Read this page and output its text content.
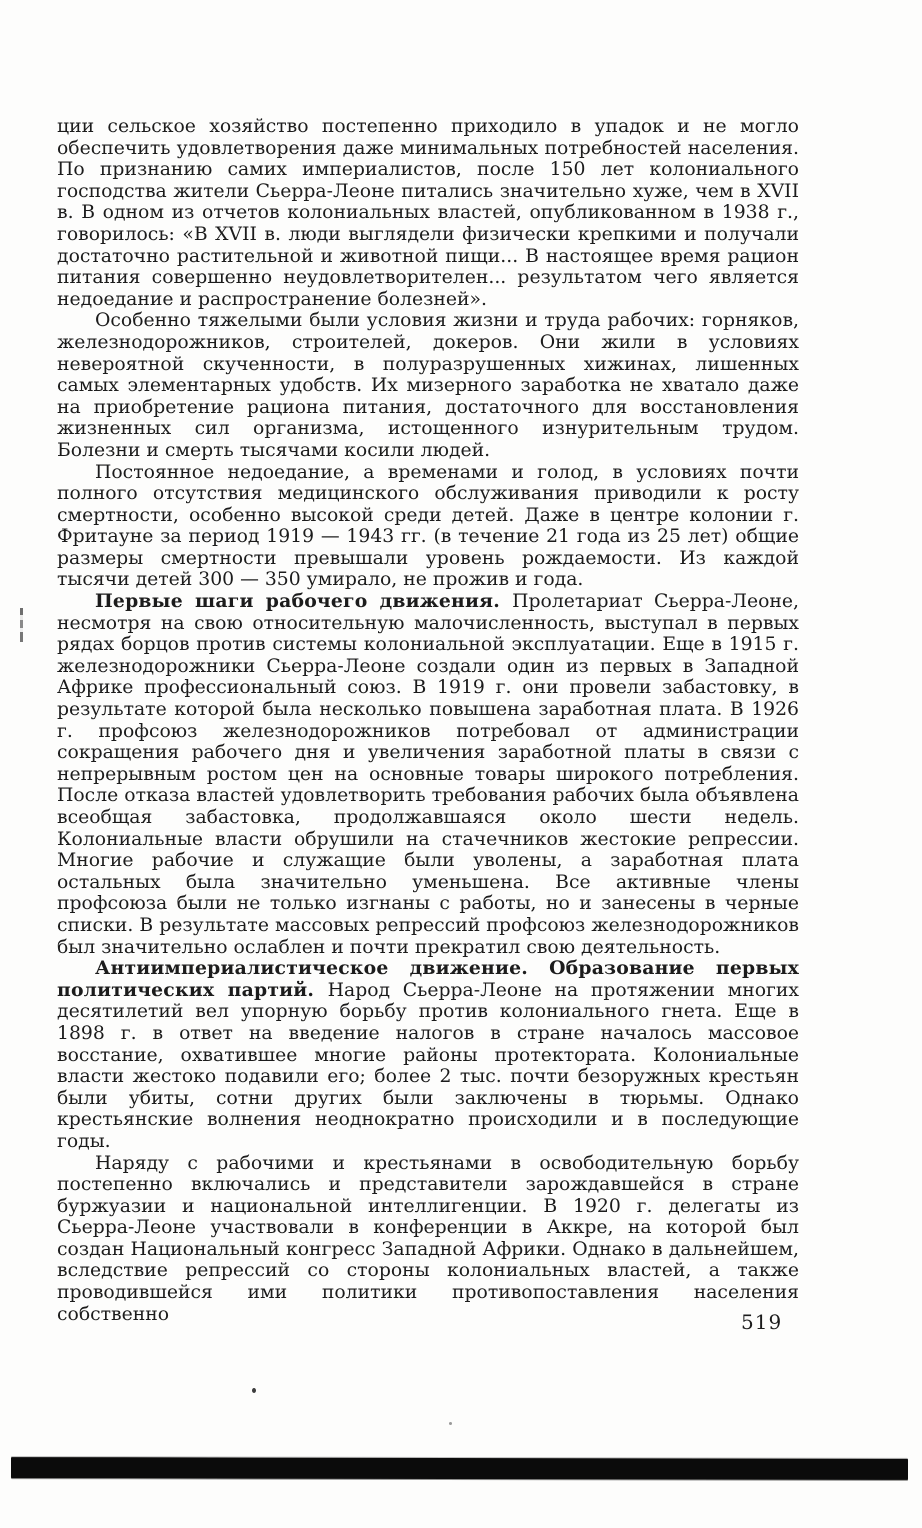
ции сельское хозяйство постепенно приходило в упадок и не могло обеспечить удовлетворения даже минимальных потребностей населения. По признанию самих империалистов, после 150 лет колониального господства жители Сьерра-Леоне питались значительно хуже, чем в XVII в. В одном из отчетов колониальных властей, опубликованном в 1938 г., говорилось: «В XVII в. люди выглядели физически крепкими и получали достаточно растительной и животной пищи... В настоящее время рацион питания совершенно неудовлетворителен... результатом чего является недоедание и распространение болезней».

Особенно тяжелыми были условия жизни и труда рабочих: горняков, железнодорожников, строителей, докеров. Они жили в условиях невероятной скученности, в полуразрушенных хижинах, лишенных самых элементарных удобств. Их мизерного заработка не хватало даже на приобретение рациона питания, достаточного для восстановления жизненных сил организма, истощенного изнурительным трудом. Болезни и смерть тысячами косили людей.

Постоянное недоедание, а временами и голод, в условиях почти полного отсутствия медицинского обслуживания приводили к росту смертности, особенно высокой среди детей. Даже в центре колонии г. Фритауне за период 1919 — 1943 гг. (в течение 21 года из 25 лет) общие размеры смертности превышали уровень рождаемости. Из каждой тысячи детей 300 — 350 умирало, не прожив и года.

Первые шаги рабочего движения. Пролетариат Сьерра-Леоне, несмотря на свою относительную малочисленность, выступал в первых рядах борцов против системы колониальной эксплуатации. Еще в 1915 г. железнодорожники Сьерра-Леоне создали один из первых в Западной Африке профессиональный союз. В 1919 г. они провели забастовку, в результате которой была несколько повышена заработная плата. В 1926 г. профсоюз железнодорожников потребовал от администрации сокращения рабочего дня и увеличения заработной платы в связи с непрерывным ростом цен на основные товары широкого потребления. После отказа властей удовлетворить требования рабочих была объявлена всеобщая забастовка, продолжавшаяся около шести недель. Колониальные власти обрушили на стачечников жестокие репрессии. Многие рабочие и служащие были уволены, а заработная плата остальных была значительно уменьшена. Все активные члены профсоюза были не только изгнаны с работы, но и занесены в черные списки. В результате массовых репрессий профсоюз железнодорожников был значительно ослаблен и почти прекратил свою деятельность.

Антиимпериалистическое движение. Образование первых политических партий. Народ Сьерра-Леоне на протяжении многих десятилетий вел упорную борьбу против колониального гнета. Еще в 1898 г. в ответ на введение налогов в стране началось массовое восстание, охватившее многие районы протектората. Колониальные власти жестоко подавили его; более 2 тыс. почти безоружных крестьян были убиты, сотни других были заключены в тюрьмы. Однако крестьянские волнения неоднократно происходили и в последующие годы.

Наряду с рабочими и крестьянами в освободительную борьбу постепенно включались и представители зарождавшейся в стране буржуазии и национальной интеллигенции. В 1920 г. делегаты из Сьерра-Леоне участвовали в конференции в Аккре, на которой был создан Национальный конгресс Западной Африки. Однако в дальнейшем, вследствие репрессий со стороны колониальных властей, а также проводившейся ими политики противопоставления населения собственно	519
